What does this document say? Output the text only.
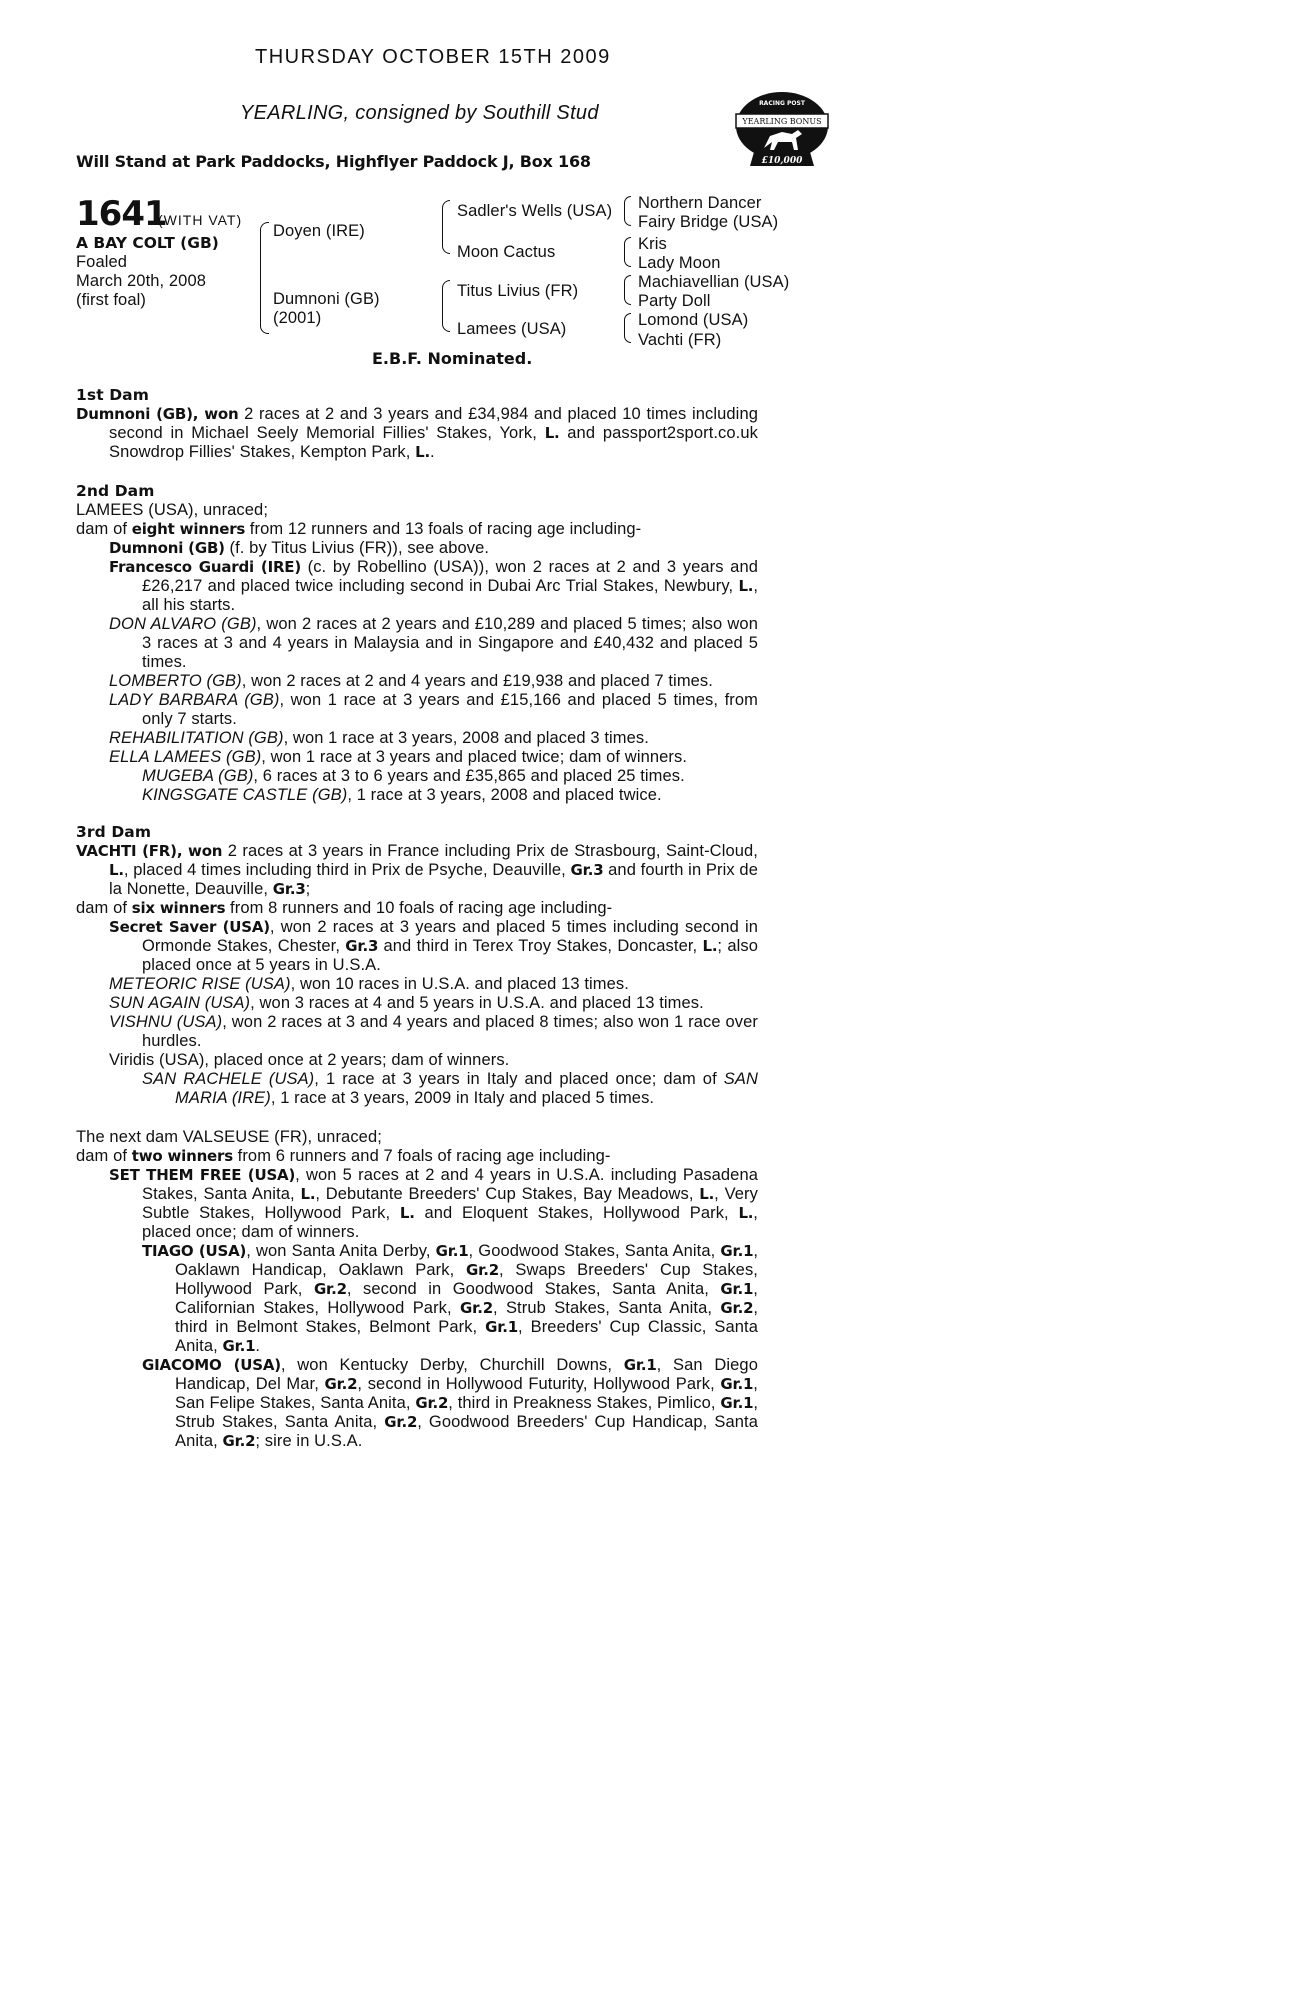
THURSDAY OCTOBER 15TH 2009
YEARLING, consigned by Southill Stud
Will Stand at Park Paddocks, Highflyer Paddock J, Box 168
RACING POST
YEARLING BONUS
£10,000
1641
(WITH VAT)
A BAY COLT (GB)
Foaled
March 20th, 2008
(first foal)
Doyen (IRE)
Dumnoni (GB)
(2001)
Sadler's Wells (USA)
Moon Cactus
Titus Livius (FR)
Lamees (USA)
Northern Dancer
Fairy Bridge (USA)
Kris
Lady Moon
Machiavellian (USA)
Party Doll
Lomond (USA)
Vachti (FR)
E.B.F. Nominated.
1st Dam

Dumnoni (GB), won 2 races at 2 and 3 years and £34,984 and placed 10 times including second in Michael Seely Memorial Fillies' Stakes, York, L. and passport2sport.co.uk Snowdrop Fillies' Stakes, Kempton Park, L..

2nd Dam

LAMEES (USA), unraced;

dam of eight winners from 12 runners and 13 foals of racing age including-

Dumnoni (GB) (f. by Titus Livius (FR)), see above.

Francesco Guardi (IRE) (c. by Robellino (USA)), won 2 races at 2 and 3 years and £26,217 and placed twice including second in Dubai Arc Trial Stakes, Newbury, L., all his starts.

DON ALVARO (GB), won 2 races at 2 years and £10,289 and placed 5 times; also won 3 races at 3 and 4 years in Malaysia and in Singapore and £40,432 and placed 5 times.

LOMBERTO (GB), won 2 races at 2 and 4 years and £19,938 and placed 7 times.

LADY BARBARA (GB), won 1 race at 3 years and £15,166 and placed 5 times, from only 7 starts.

REHABILITATION (GB), won 1 race at 3 years, 2008 and placed 3 times.

ELLA LAMEES (GB), won 1 race at 3 years and placed twice; dam of winners.

MUGEBA (GB), 6 races at 3 to 6 years and £35,865 and placed 25 times.

KINGSGATE CASTLE (GB), 1 race at 3 years, 2008 and placed twice.

3rd Dam

VACHTI (FR), won 2 races at 3 years in France including Prix de Strasbourg, Saint-Cloud, L., placed 4 times including third in Prix de Psyche, Deauville, Gr.3 and fourth in Prix de la Nonette, Deauville, Gr.3;

dam of six winners from 8 runners and 10 foals of racing age including-

Secret Saver (USA), won 2 races at 3 years and placed 5 times including second in Ormonde Stakes, Chester, Gr.3 and third in Terex Troy Stakes, Doncaster, L.; also placed once at 5 years in U.S.A.

METEORIC RISE (USA), won 10 races in U.S.A. and placed 13 times.

SUN AGAIN (USA), won 3 races at 4 and 5 years in U.S.A. and placed 13 times.

VISHNU (USA), won 2 races at 3 and 4 years and placed 8 times; also won 1 race over hurdles.

Viridis (USA), placed once at 2 years; dam of winners.

SAN RACHELE (USA), 1 race at 3 years in Italy and placed once; dam of SAN MARIA (IRE), 1 race at 3 years, 2009 in Italy and placed 5 times.

The next dam VALSEUSE (FR), unraced;

dam of two winners from 6 runners and 7 foals of racing age including-

SET THEM FREE (USA), won 5 races at 2 and 4 years in U.S.A. including Pasadena Stakes, Santa Anita, L., Debutante Breeders' Cup Stakes, Bay Meadows, L., Very Subtle Stakes, Hollywood Park, L. and Eloquent Stakes, Hollywood Park, L., placed once; dam of winners.

TIAGO (USA), won Santa Anita Derby, Gr.1, Goodwood Stakes, Santa Anita, Gr.1, Oaklawn Handicap, Oaklawn Park, Gr.2, Swaps Breeders' Cup Stakes, Hollywood Park, Gr.2, second in Goodwood Stakes, Santa Anita, Gr.1, Californian Stakes, Hollywood Park, Gr.2, Strub Stakes, Santa Anita, Gr.2, third in Belmont Stakes, Belmont Park, Gr.1, Breeders' Cup Classic, Santa Anita, Gr.1.

GIACOMO (USA), won Kentucky Derby, Churchill Downs, Gr.1, San Diego Handicap, Del Mar, Gr.2, second in Hollywood Futurity, Hollywood Park, Gr.1, San Felipe Stakes, Santa Anita, Gr.2, third in Preakness Stakes, Pimlico, Gr.1, Strub Stakes, Santa Anita, Gr.2, Goodwood Breeders' Cup Handicap, Santa Anita, Gr.2; sire in U.S.A.
